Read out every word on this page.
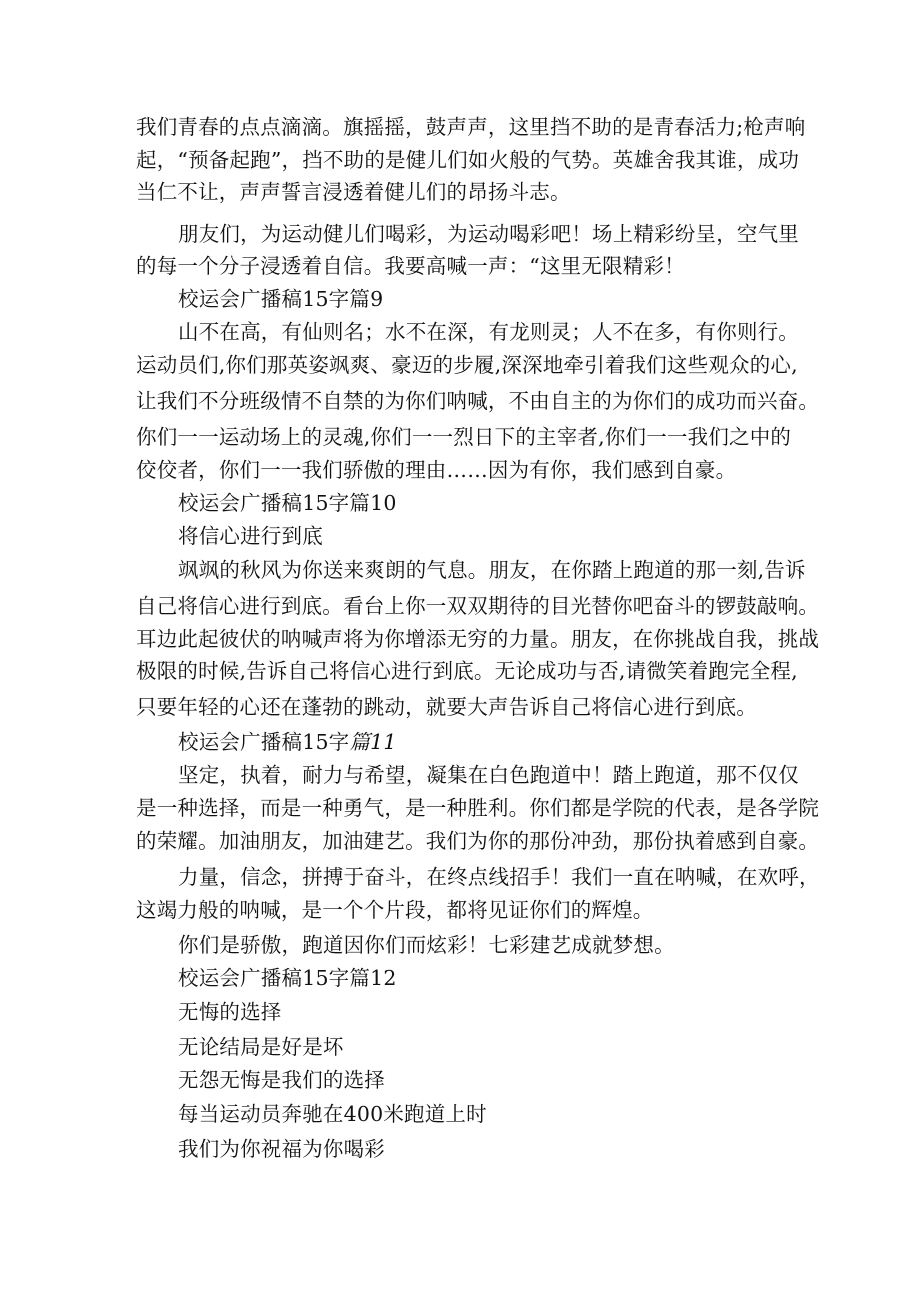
我们青春的点点滴滴。旗摇摇，鼓声声，这里挡不助的是青春活力;枪声响
起，“预备起跑”，挡不助的是健儿们如火般的气势。英雄舍我其谁，成功
当仁不让，声声誓言浸透着健儿们的昂扬斗志。
朋友们，为运动健儿们喝彩，为运动喝彩吧！场上精彩纷呈，空气里
的每一个分子浸透着自信。我要高喊一声：“这里无限精彩！
校运会广播稿15字篇9
山不在高，有仙则名；水不在深，有龙则灵；人不在多，有你则行。
运动员们,你们那英姿飒爽、豪迈的步履,深深地牵引着我们这些观众的心,
让我们不分班级情不自禁的为你们呐喊，不由自主的为你们的成功而兴奋。
你们一一运动场上的灵魂,你们一一烈日下的主宰者,你们一一我们之中的
佼佼者，你们一一我们骄傲的理由……因为有你，我们感到自豪。
校运会广播稿15字篇10
将信心进行到底
飒飒的秋风为你送来爽朗的气息。朋友，在你踏上跑道的那一刻,告诉
自己将信心进行到底。看台上你一双双期待的目光替你吧奋斗的锣鼓敲响。
耳边此起彼伏的呐喊声将为你增添无穷的力量。朋友，在你挑战自我，挑战
极限的时候,告诉自己将信心进行到底。无论成功与否,请微笑着跑完全程,
只要年轻的心还在蓬勃的跳动，就要大声告诉自己将信心进行到底。
校运会广播稿15字篇11
坚定，执着，耐力与希望，凝集在白色跑道中！踏上跑道，那不仅仅
是一种选择，而是一种勇气，是一种胜利。你们都是学院的代表，是各学院
的荣耀。加油朋友，加油建艺。我们为你的那份冲劲，那份执着感到自豪。
力量，信念，拼搏于奋斗，在终点线招手！我们一直在呐喊，在欢呼，
这竭力般的呐喊，是一个个片段，都将见证你们的辉煌。
你们是骄傲，跑道因你们而炫彩！七彩建艺成就梦想。
校运会广播稿15字篇12
无悔的选择
无论结局是好是坏
无怨无悔是我们的选择
每当运动员奔驰在400米跑道上时
我们为你祝福为你喝彩
